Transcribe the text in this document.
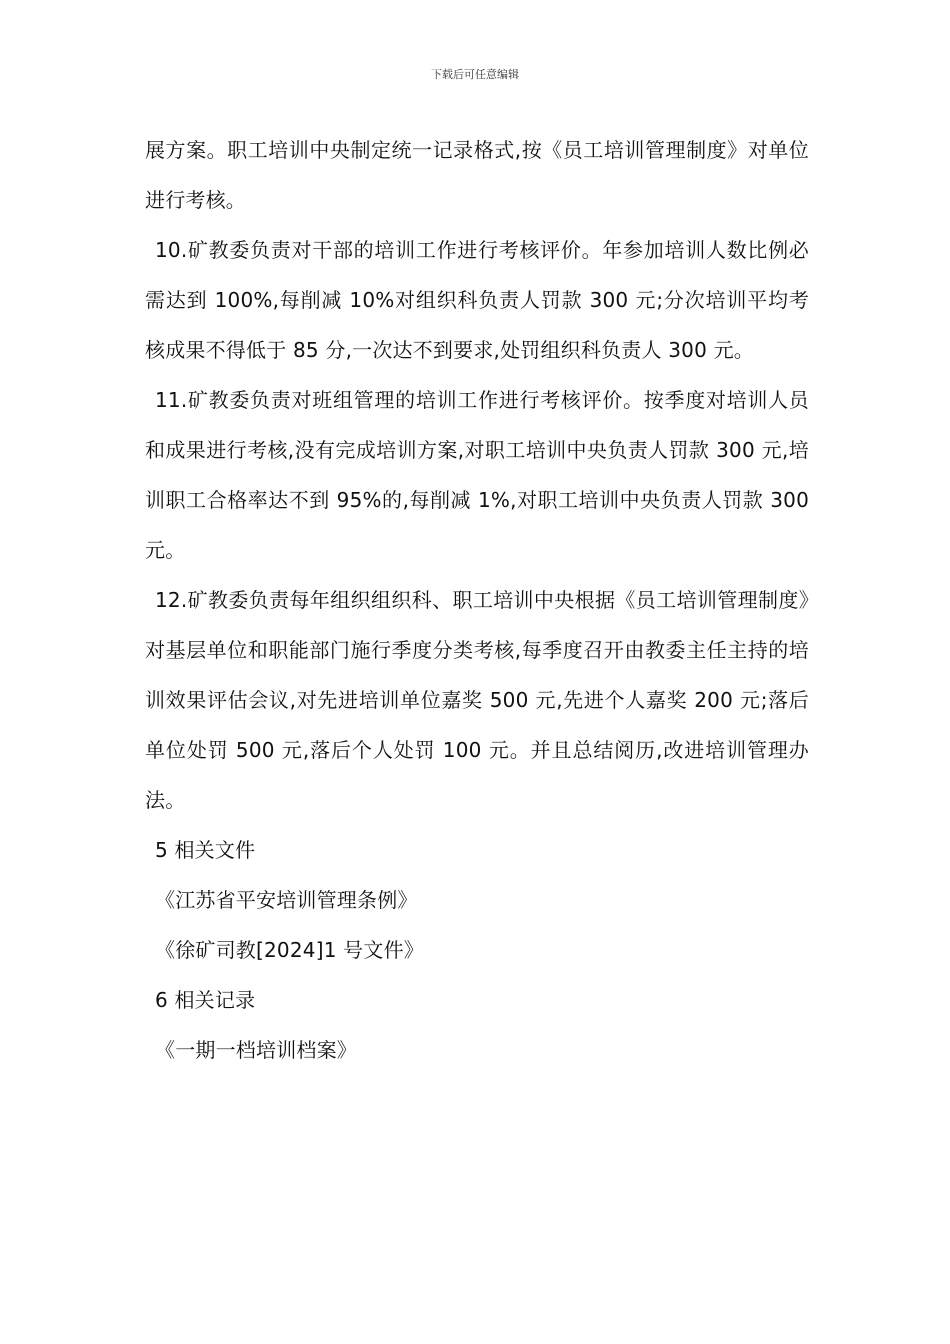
下载后可任意编辑

展方案。职工培训中央制定统一记录格式,按《员工培训管理制度》对单位进行考核。

10.矿教委负责对干部的培训工作进行考核评价。年参加培训人数比例必需达到 100%,每削减 10%对组织科负责人罚款 300 元;分次培训平均考核成果不得低于 85 分,一次达不到要求,处罚组织科负责人 300 元。

11.矿教委负责对班组管理的培训工作进行考核评价。按季度对培训人员和成果进行考核,没有完成培训方案,对职工培训中央负责人罚款 300 元,培训职工合格率达不到 95%的,每削减 1%,对职工培训中央负责人罚款 300 元。

12.矿教委负责每年组织组织科、职工培训中央根据《员工培训管理制度》对基层单位和职能部门施行季度分类考核,每季度召开由教委主任主持的培训效果评估会议,对先进培训单位嘉奖 500 元,先进个人嘉奖 200 元;落后单位处罚 500 元,落后个人处罚 100 元。并且总结阅历,改进培训管理办法。

5 相关文件

《江苏省平安培训管理条例》

《徐矿司教[2024]1 号文件》

6 相关记录

《一期一档培训档案》
